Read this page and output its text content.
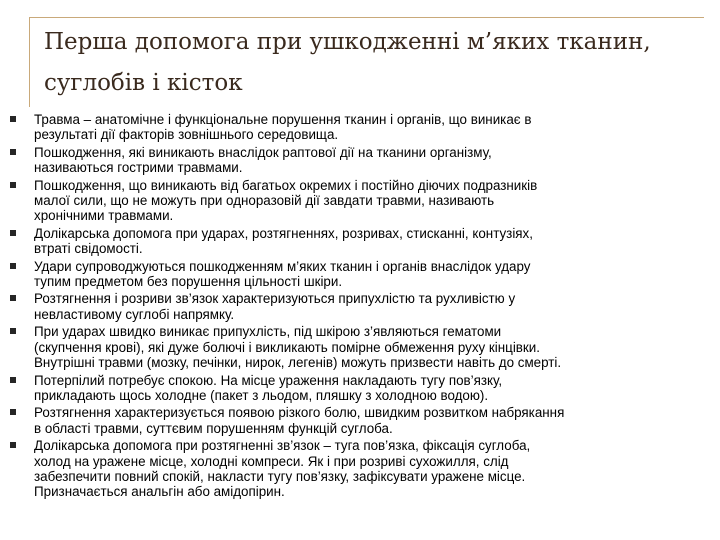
Перша допомога при ушкодженні м’яких тканин,
суглобів і кісток
Травма – анатомічне і функціональне порушення тканин і органів, що виникає в
результаті дії факторів зовнішнього середовища.
Пошкодження, які виникають внаслідок раптової дії на тканини організму,
називаються гострими травмами.
Пошкодження, що виникають від багатьох окремих і постійно діючих подразників
малої сили, що не можуть при одноразовій дії завдати травми, називають
хронічними травмами.
Долікарська допомога при ударах, розтягненнях, розривах, стисканні, контузіях,
втраті свідомості.
Удари супроводжуються пошкодженням м’яких тканин і органів внаслідок удару
тупим предметом без порушення цільності шкіри.
Розтягнення і розриви зв’язок характеризуються припухлістю та рухливістю у
невластивому суглобі напрямку.
При ударах швидко виникає припухлість, під шкірою з’являються гематоми
(скупчення крові), які дуже болючі і викликають помірне обмеження руху кінцівки.
Внутрішні травми (мозку, печінки, нирок, легенів) можуть призвести навіть до смерті.
Потерпілий потребує спокою. На місце ураження накладають тугу пов’язку,
прикладають щось холодне (пакет з льодом, пляшку з холодною водою).
Розтягнення характеризується появою різкого болю, швидким розвитком набрякання
в області травми, суттєвим порушенням функцій суглоба.
Долікарська допомога при розтягненні зв’язок – туга пов’язка, фіксація суглоба,
холод на уражене місце, холодні компреси. Як і при розриві сухожилля, слід
забезпечити повний спокій, накласти тугу пов’язку, зафіксувати уражене місце.
Призначається анальгін або амідопірин.
